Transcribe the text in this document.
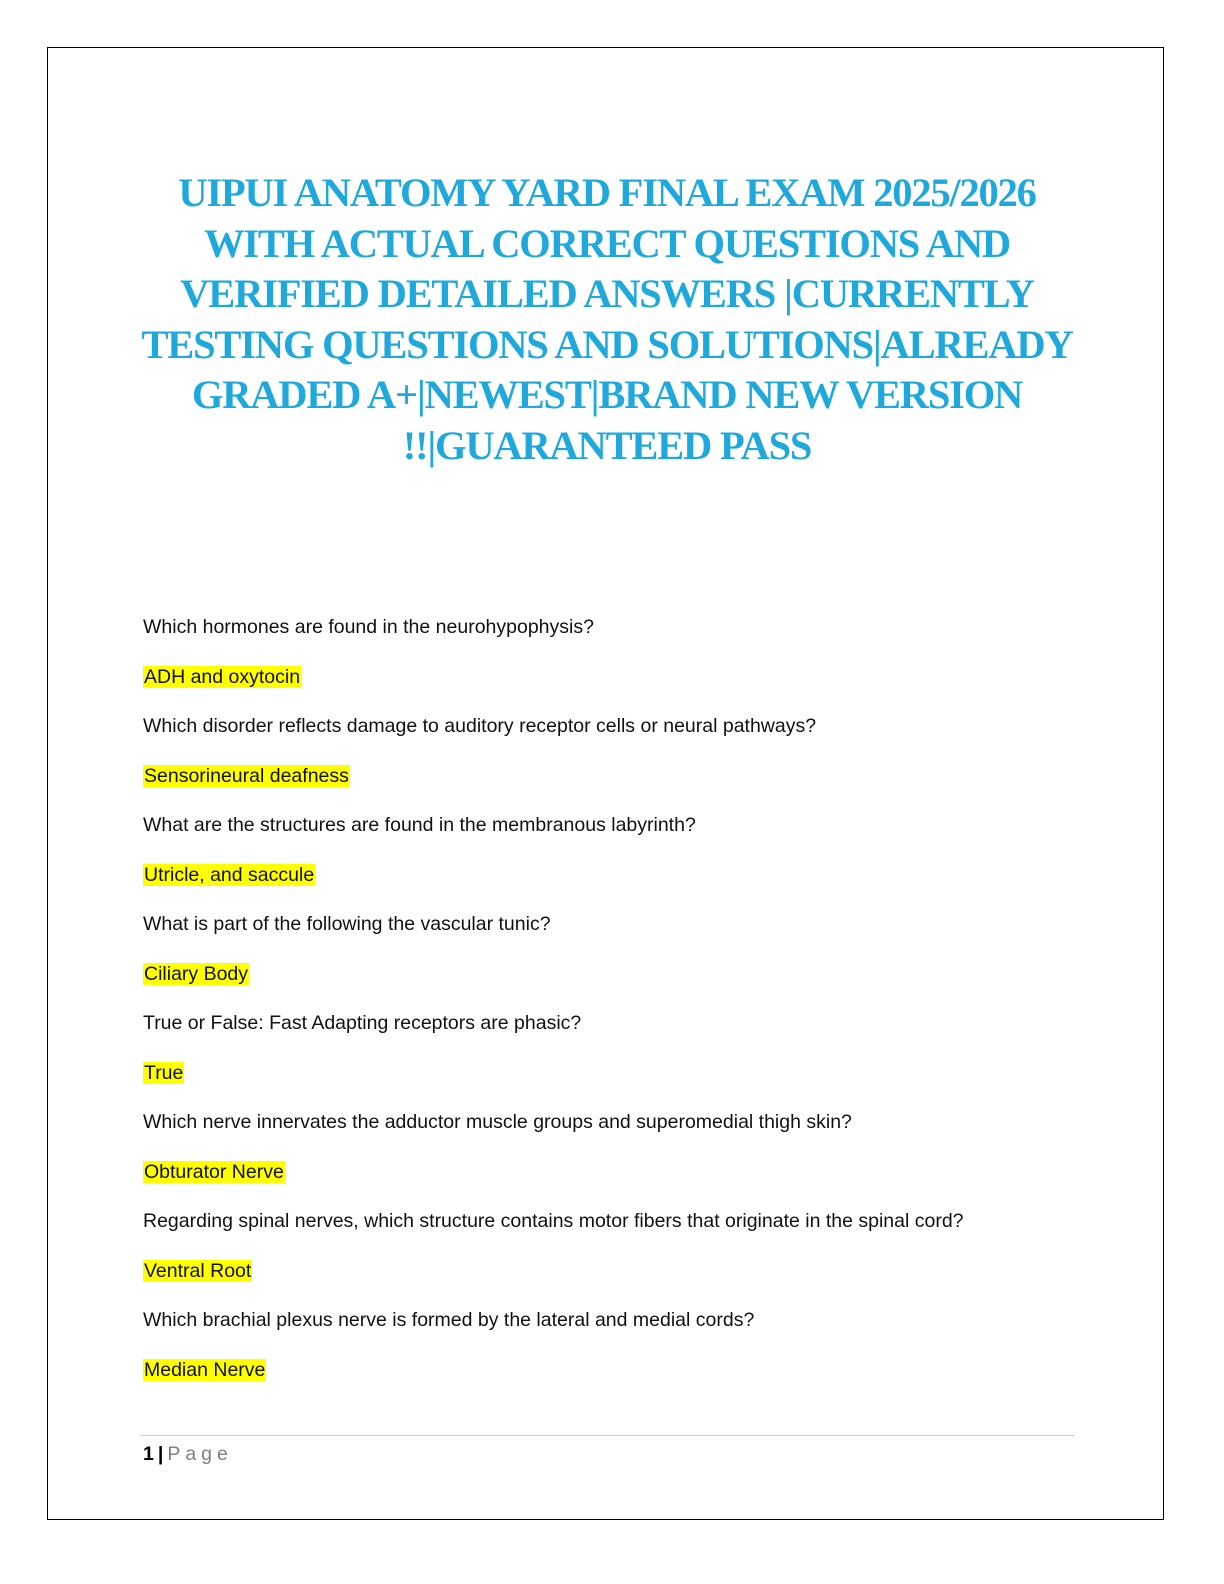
UIPUI ANATOMY YARD FINAL EXAM 2025/2026 WITH ACTUAL CORRECT QUESTIONS AND VERIFIED DETAILED ANSWERS |CURRENTLY TESTING QUESTIONS AND SOLUTIONS|ALREADY GRADED A+|NEWEST|BRAND NEW VERSION !!|GUARANTEED PASS
Which hormones are found in the neurohypophysis?
ADH and oxytocin
Which disorder reflects damage to auditory receptor cells or neural pathways?
Sensorineural deafness
What are the structures are found in the membranous labyrinth?
Utricle, and saccule
What is part of the following the vascular tunic?
Ciliary Body
True or False: Fast Adapting receptors are phasic?
True
Which nerve innervates the adductor muscle groups and superomedial thigh skin?
Obturator Nerve
Regarding spinal nerves, which structure contains motor fibers that originate in the spinal cord?
Ventral Root
Which brachial plexus nerve is formed by the lateral and medial cords?
Median Nerve
1 | Page
